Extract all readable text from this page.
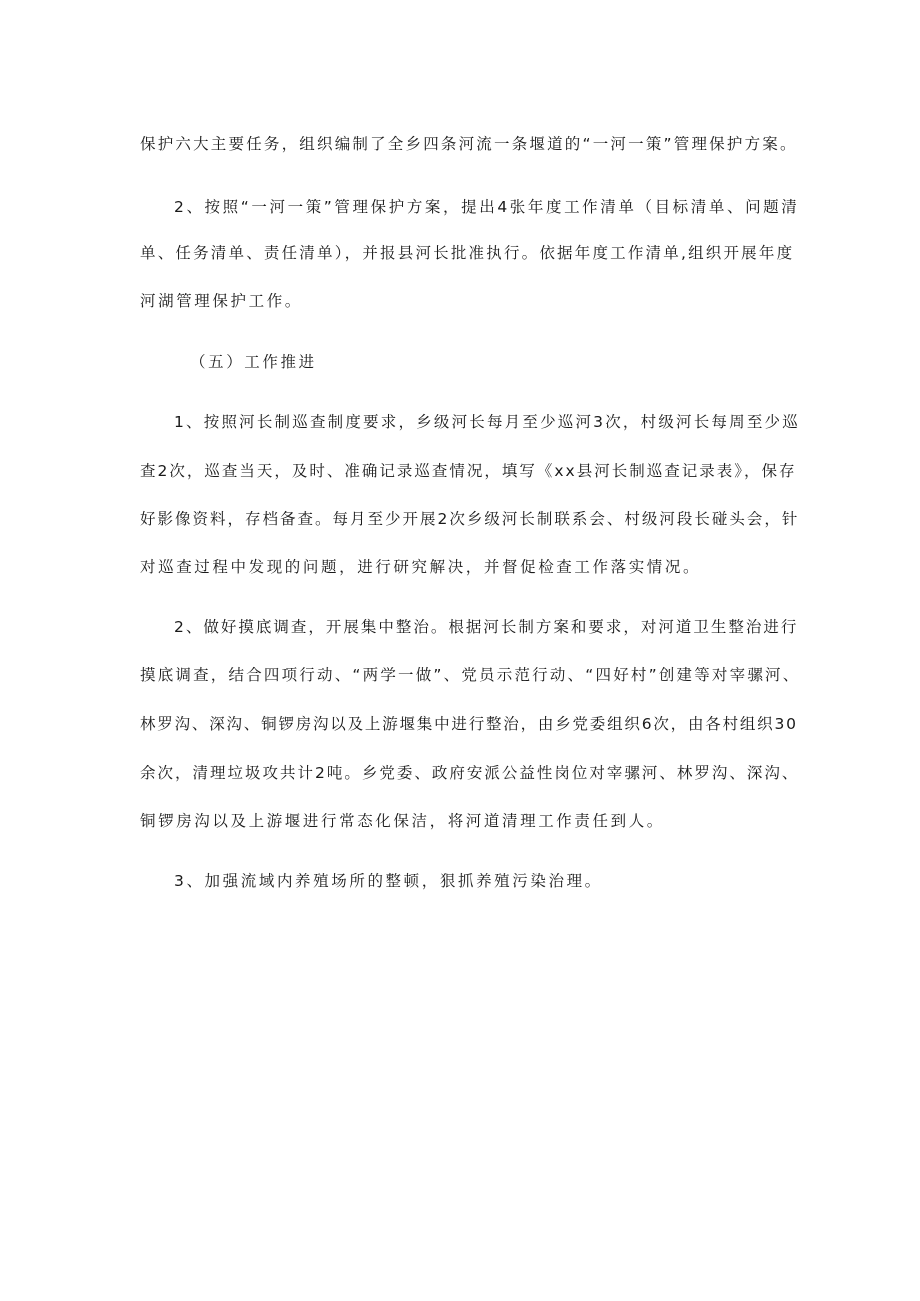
保护六大主要任务，组织编制了全乡四条河流一条堰道的“一河一策”管理保护方案。
2、按照“一河一策”管理保护方案，提出4张年度工作清单（目标清单、问题清
单、任务清单、责任清单），并报县河长批准执行。依据年度工作清单,组织开展年度
河湖管理保护工作。
（五）工作推进
1、按照河长制巡查制度要求，乡级河长每月至少巡河3次，村级河长每周至少巡
查2次，巡查当天，及时、准确记录巡查情况，填写《xx县河长制巡查记录表》，保存
好影像资料，存档备查。每月至少开展2次乡级河长制联系会、村级河段长碰头会，针
对巡查过程中发现的问题，进行研究解决，并督促检查工作落实情况。
2、做好摸底调查，开展集中整治。根据河长制方案和要求，对河道卫生整治进行
摸底调查，结合四项行动、“两学一做”、党员示范行动、“四好村”创建等对宰骡河、
林罗沟、深沟、铜锣房沟以及上游堰集中进行整治，由乡党委组织6次，由各村组织30
余次，清理垃圾攻共计2吨。乡党委、政府安派公益性岗位对宰骡河、林罗沟、深沟、
铜锣房沟以及上游堰进行常态化保洁，将河道清理工作责任到人。
3、加强流域内养殖场所的整顿，狠抓养殖污染治理。
